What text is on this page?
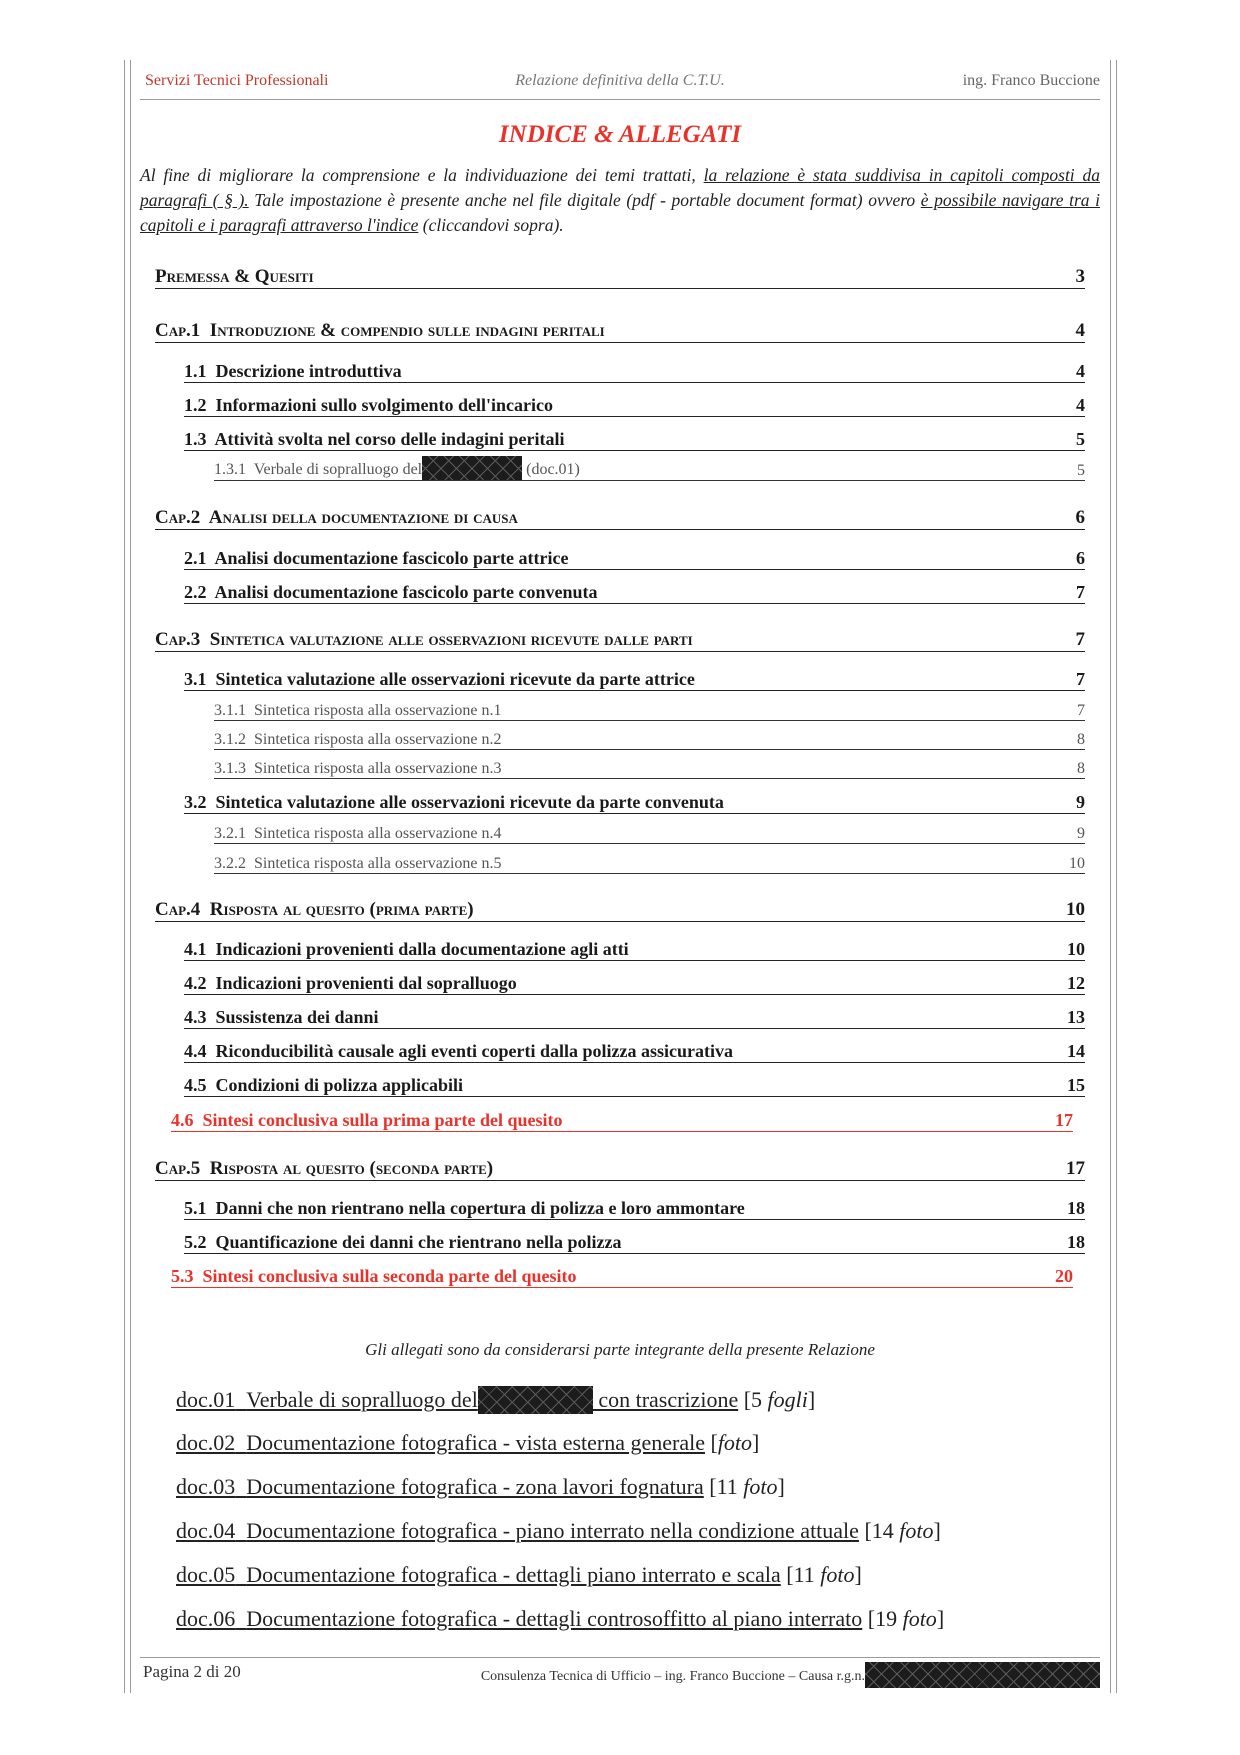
Servizi Tecnici Professionali	Relazione definitiva della C.T.U.	ing. Franco Buccione
INDICE & ALLEGATI
Al fine di migliorare la comprensione e la individuazione dei temi trattati, la relazione è stata suddivisa in capitoli composti da paragrafi ( § ). Tale impostazione è presente anche nel file digitale (pdf - portable document format) ovvero è possibile navigare tra i capitoli e i paragrafi attraverso l'indice (cliccandovi sopra).
Premessa & Quesiti	3
Cap.1  Introduzione & compendio sulle indagini peritali	4
1.1  Descrizione introduttiva	4
1.2  Informazioni sullo svolgimento dell'incarico	4
1.3  Attività svolta nel corso delle indagini peritali	5
1.3.1  Verbale di sopralluogo del	(doc.01)	5
Cap.2  Analisi della documentazione di causa	6
2.1  Analisi documentazione fascicolo parte attrice	6
2.2  Analisi documentazione fascicolo parte convenuta	7
Cap.3  Sintetica valutazione alle osservazioni ricevute dalle parti	7
3.1  Sintetica valutazione alle osservazioni ricevute da parte attrice	7
3.1.1  Sintetica risposta alla osservazione n.1	7
3.1.2  Sintetica risposta alla osservazione n.2	8
3.1.3  Sintetica risposta alla osservazione n.3	8
3.2  Sintetica valutazione alle osservazioni ricevute da parte convenuta	9
3.2.1  Sintetica risposta alla osservazione n.4	9
3.2.2  Sintetica risposta alla osservazione n.5	10
Cap.4  Risposta al quesito (prima parte)	10
4.1  Indicazioni provenienti dalla documentazione agli atti	10
4.2  Indicazioni provenienti dal sopralluogo	12
4.3  Sussistenza dei danni	13
4.4  Riconducibilità causale agli eventi coperti dalla polizza assicurativa	14
4.5  Condizioni di polizza applicabili	15
4.6  Sintesi conclusiva sulla prima parte del quesito	17
Cap.5  Risposta al quesito (seconda parte)	17
5.1  Danni che non rientrano nella copertura di polizza e loro ammontare	18
5.2  Quantificazione dei danni che rientrano nella polizza	18
5.3  Sintesi conclusiva sulla seconda parte del quesito	20
Gli allegati sono da considerarsi parte integrante della presente Relazione
doc.01 Verbale di sopralluogo del	con trascrizione [5 fogli]
doc.02 Documentazione fotografica - vista esterna generale [foto]
doc.03 Documentazione fotografica - zona lavori fognatura [11 foto]
doc.04 Documentazione fotografica - piano interrato nella condizione attuale [14 foto]
doc.05 Documentazione fotografica - dettagli piano interrato e scala [11 foto]
doc.06 Documentazione fotografica - dettagli controsoffitto al piano interrato [19 foto]
Pagina 2 di 20	Consulenza Tecnica di Ufficio – ing. Franco Buccione – Causa r.g.n.
